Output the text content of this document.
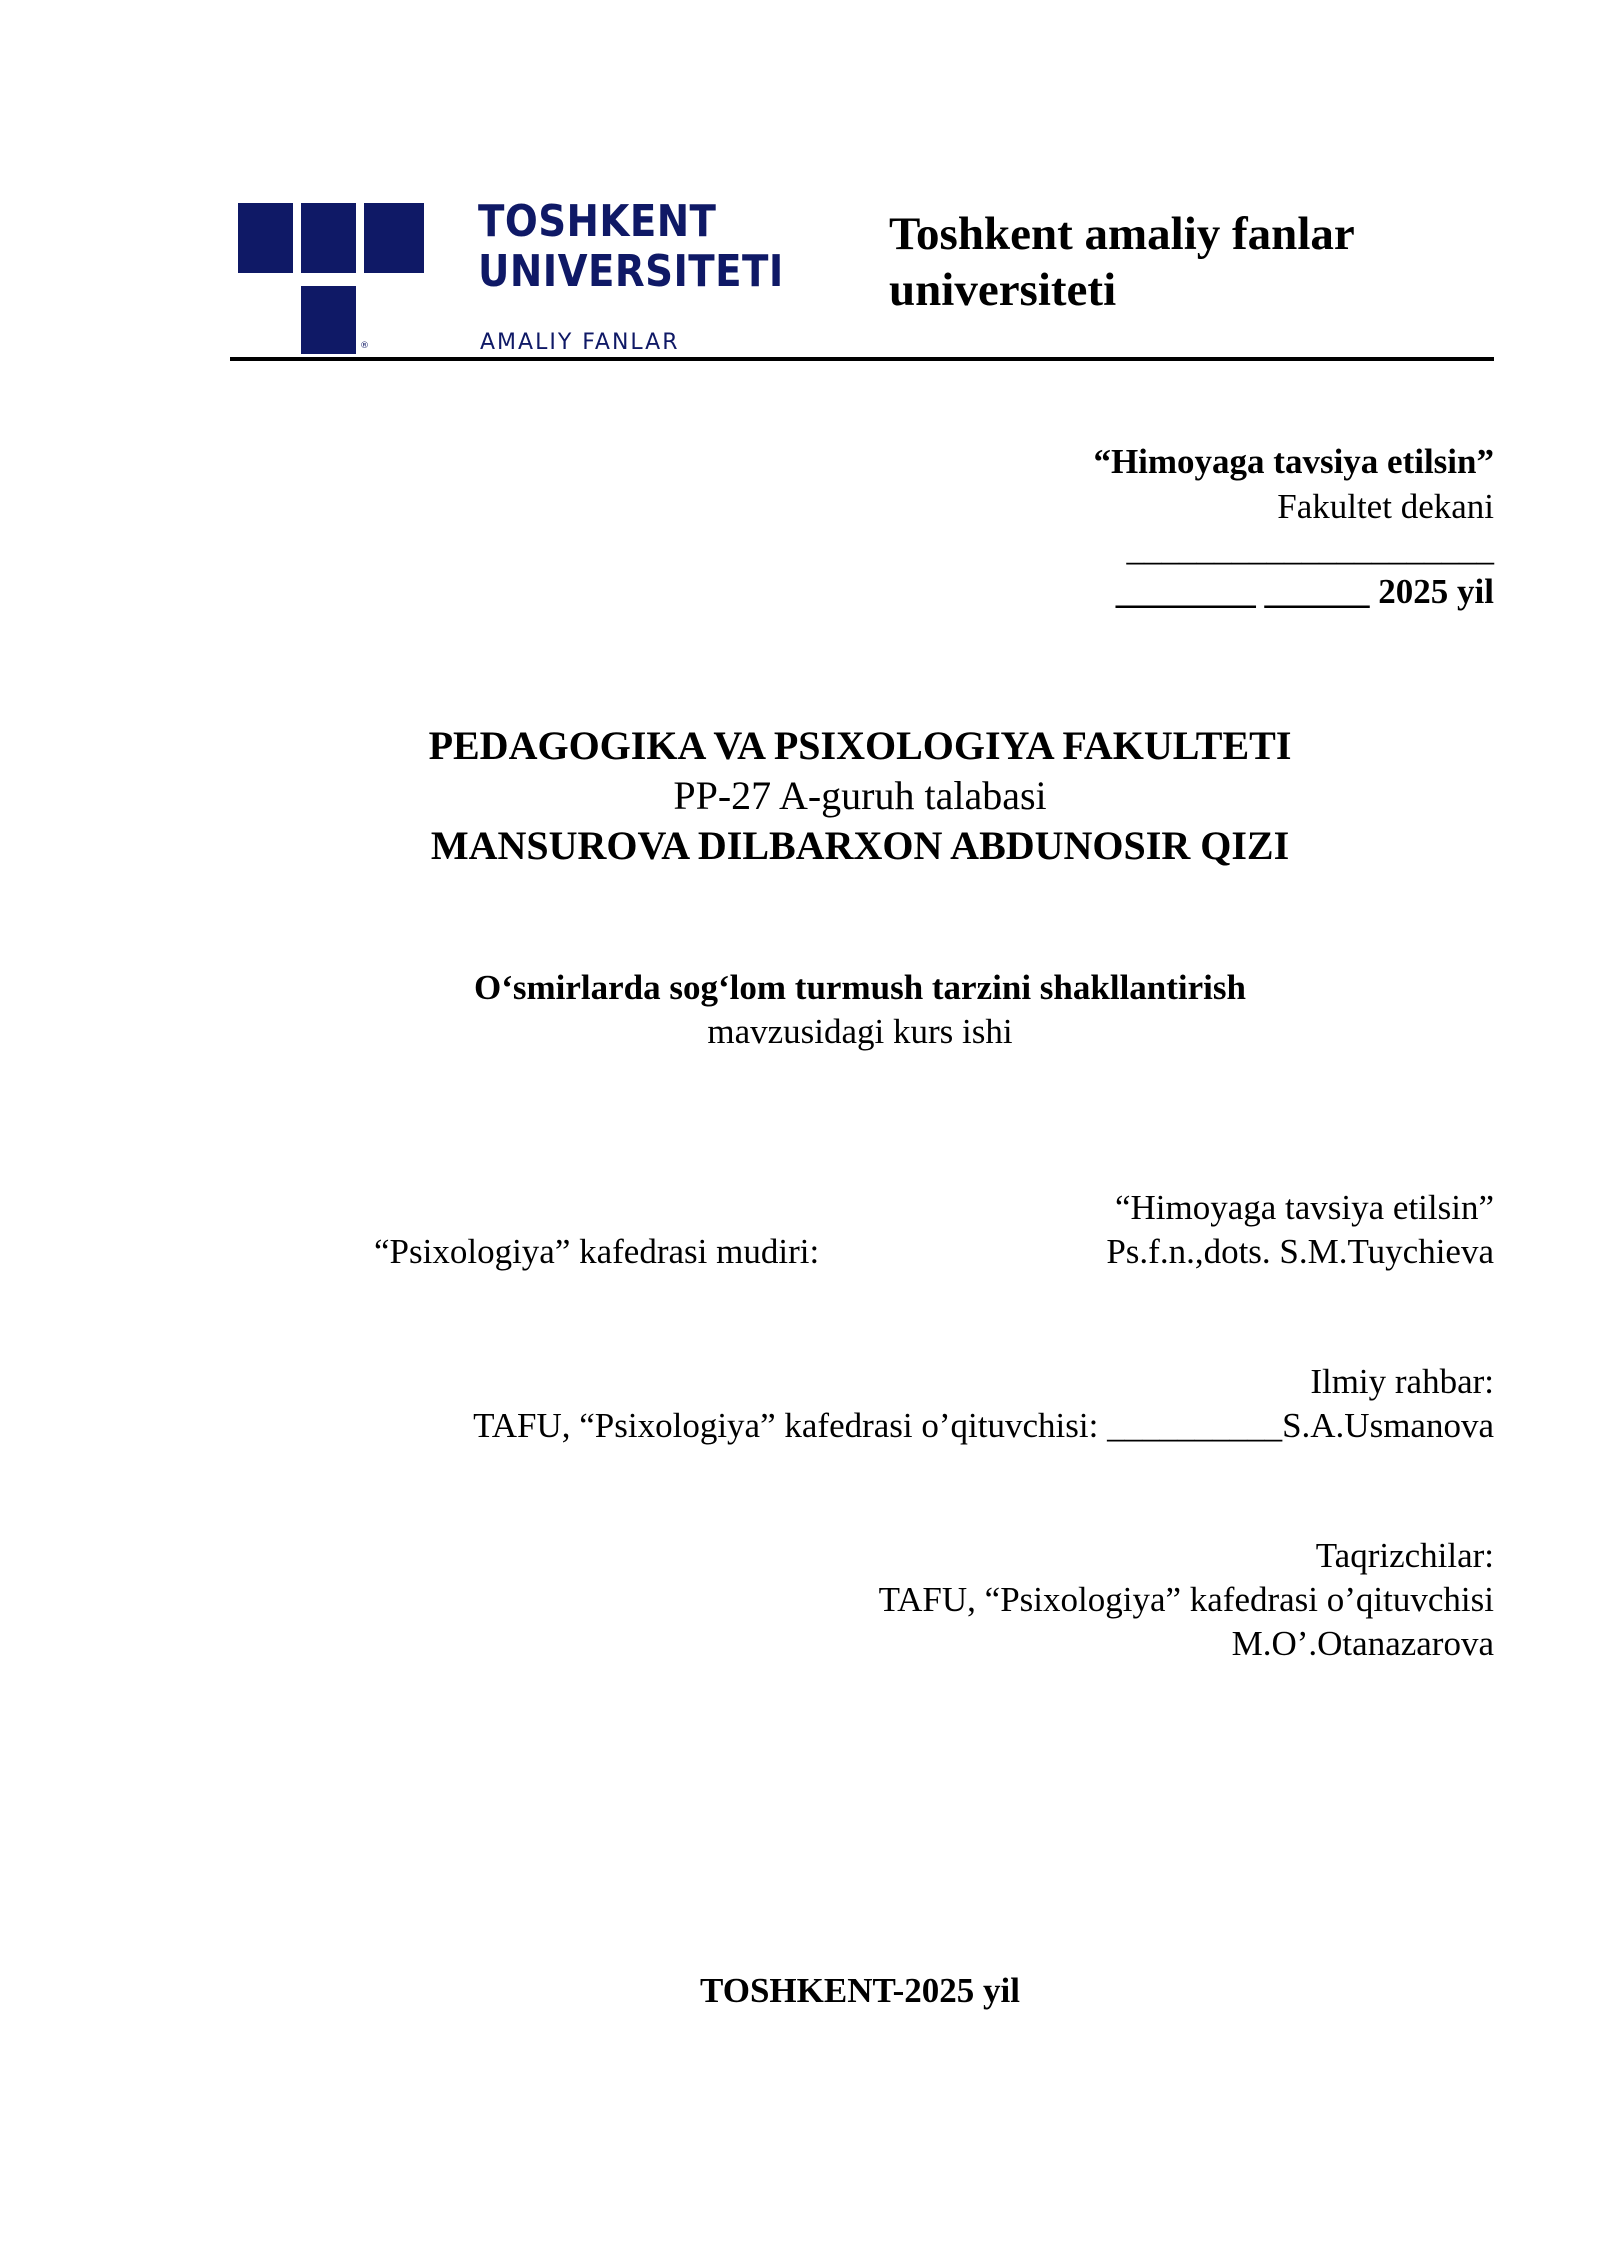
®
TOSHKENT
UNIVERSITETI
AMALIY FANLAR
Toshkent amaliy fanlar
universiteti
“Himoyaga tavsiya etilsin”
Fakultet dekani
_____________________
________ ______ 2025 yil
PEDAGOGIKA VA PSIXOLOGIYA FAKULTETI
PP-27 A-guruh talabasi
MANSUROVA DILBARXON ABDUNOSIR QIZI
O‘smirlarda sog‘lom turmush tarzini shakllantirish
mavzusidagi kurs ishi
“Himoyaga tavsiya etilsin”
“Psixologiya” kafedrasi mudiri:	Ps.f.n.,dots. S.M.Tuychieva
Ilmiy rahbar:
TAFU, “Psixologiya” kafedrasi o’qituvchisi: __________S.A.Usmanova
Taqrizchilar:
TAFU, “Psixologiya” kafedrasi o’qituvchisi
M.O’.Otanazarova
TOSHKENT-2025 yil
